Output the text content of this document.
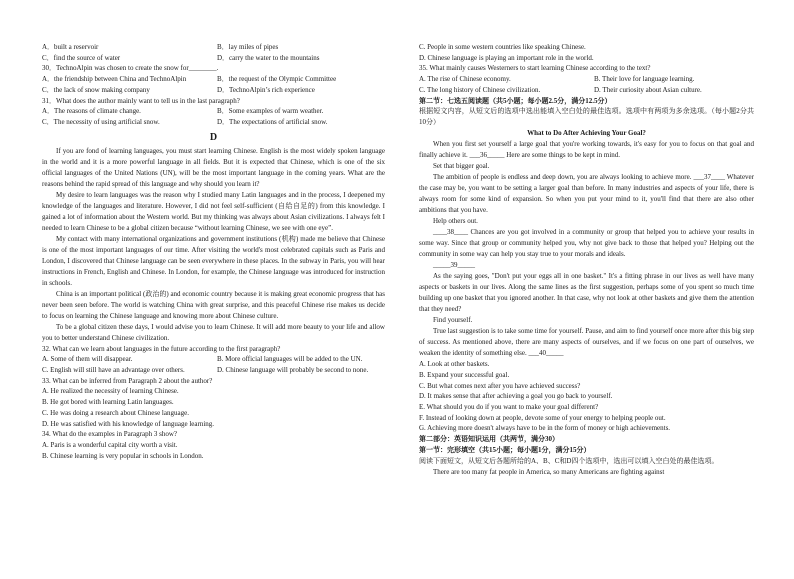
A．built a reservoir	B．lay miles of pipes
C．find the source of water	D．carry the water to the mountains
30．TechnoAlpin was chosen to create the snow for________.
A．the friendship between China and TechnoAlpin	B．the request of the Olympic Committee
C．the lack of snow making company	D．TechnoAlpin’s rich experience
31．What does the author mainly want to tell us in the last paragraph?
A．The reasons of climate change.	B．Some examples of warm weather.
C．The necessity of using artificial snow.	D．The expectations of artificial snow.
D
If you are fond of learning languages, you must start learning Chinese. English is the most widely spoken language in the world and it is a more powerful language in all fields. But it is expected that Chinese, which is one of the six official languages of the United Nations (UN), will be the most important language in the coming years. What are the reasons behind the rapid spread of this language and why should you learn it?
My desire to learn languages was the reason why I studied many Latin languages and in the process, I deepened my knowledge of the languages and literature. However, I did not feel self-sufficient (自给自足的) from this knowledge. I gained a lot of information about the Western world. But my thinking was always about Asian civilizations. I always felt I needed to learn Chinese to be a global citizen because “without learning Chinese, we see with one eye”.
My contact with many international organizations and government institutions (机构) made me believe that Chinese is one of the most important languages of our time. After visiting the world's most celebrated capitals such as Paris and London, I discovered that Chinese language can be seen everywhere in these places. In the subway in Paris, you will hear instructions in French, English and Chinese. In London, for example, the Chinese language was introduced for instruction in schools.
China is an important political (政治的) and economic country because it is making great economic progress that has never been seen before. The world is watching China with great surprise, and this peaceful Chinese rise makes us decide to focus on learning the Chinese language and knowing more about Chinese culture.
To be a global citizen these days, I would advise you to learn Chinese. It will add more beauty to your life and allow you to better understand Chinese civilization.
32. What can we learn about languages in the future according to the first paragraph?
A. Some of them will disappear.	B. More official languages will be added to the UN.
C. English will still have an advantage over others.	D. Chinese language will probably be second to none.
33. What can be inferred from Paragraph 2 about the author?
A. He realized the necessity of learning Chinese.
B. He got bored with learning Latin languages.
C. He was doing a research about Chinese language.
D. He was satisfied with his knowledge of language learning.
34. What do the examples in Paragraph 3 show?
A. Paris is a wonderful capital city worth a visit.
B. Chinese learning is very popular in schools in London.
C. People in some western countries like speaking Chinese.
D. Chinese language is playing an important role in the world.
35. What mainly causes Westerners to start learning Chinese according to the text?
A. The rise of Chinese economy.	B. Their love for language learning.
C. The long history of Chinese civilization.	D. Their curiosity about Asian culture.
第二节：七选五阅读题（共5小题；每小题2.5分，满分12.5分）
根据短文内容，从短文后的选项中选出能填入空白处的最佳选项。选项中有两项为多余选项。（每小题2分共10分）
What to Do After Achieving Your Goal?
When you first set yourself a large goal that you're working towards, it's easy for you to focus on that goal and finally achieve it. ___36_____ Here are some things to be kept in mind.
Set that bigger goal.
The ambition of people is endless and deep down, you are always looking to achieve more. ___37____ Whatever the case may be, you want to be setting a larger goal than before. In many industries and aspects of your life, there is always room for some kind of expansion. So when you put your mind to it, you'll find that there are also other ambitions that you have.
Help others out.
____38____ Chances are you got involved in a community or group that helped you to achieve your results in some way. Since that group or community helped you, why not give back to those that helped you? Helping out the community in some way can help you stay true to your morals and ideals.
_____39_____
As the saying goes, "Don't put your eggs all in one basket." It's a fitting phrase in our lives as well have many aspects or baskets in our lives. Along the same lines as the first suggestion, perhaps some of you spent so much time building up one basket that you ignored another. In that case, why not look at other baskets and give them the attention that they need?
Find yourself.
True last suggestion is to take some time for yourself. Pause, and aim to find yourself once more after this big step of success. As mentioned above, there are many aspects of ourselves, and if we focus on one part of ourselves, we weaken the identity of something else. ___40_____
A. Look at other baskets.
B. Expand your successful goal.
C. But what comes next after you have achieved success?
D. It makes sense that after achieving a goal you go back to yourself.
E. What should you do if you want to make your goal different?
F. Instead of looking down at people, devote some of your energy to helping people out.
G. Achieving more doesn't always have to be in the form of money or high achievements.
第二部分：英语知识运用（共两节，满分30）
第一节：完形填空（共15小题；每小题1分，满分15分）
阅读下面短文，从短文后各题所给的A、B、C和D四个选项中，选出可以填入空白处的最佳选项。
There are too many fat people in America, so many Americans are fighting against
